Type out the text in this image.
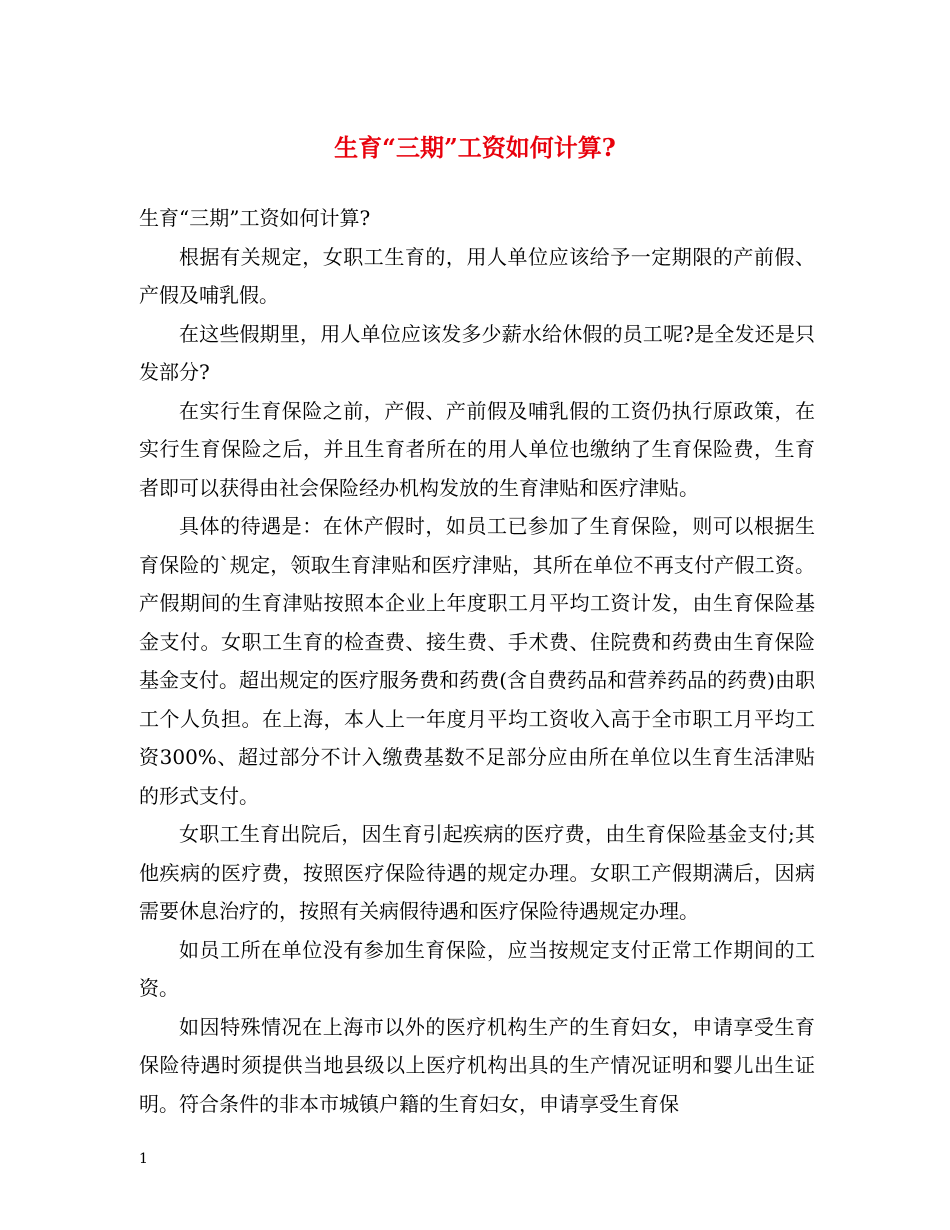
生育“三期”工资如何计算?

生育“三期”工资如何计算?

根据有关规定，女职工生育的，用人单位应该给予一定期限的产前假、产假及哺乳假。

在这些假期里，用人单位应该发多少薪水给休假的员工呢?是全发还是只发部分?

在实行生育保险之前，产假、产前假及哺乳假的工资仍执行原政策，在实行生育保险之后，并且生育者所在的用人单位也缴纳了生育保险费，生育者即可以获得由社会保险经办机构发放的生育津贴和医疗津贴。

具体的待遇是：在休产假时，如员工已参加了生育保险，则可以根据生育保险的`规定，领取生育津贴和医疗津贴，其所在单位不再支付产假工资。产假期间的生育津贴按照本企业上年度职工月平均工资计发，由生育保险基金支付。女职工生育的检查费、接生费、手术费、住院费和药费由生育保险基金支付。超出规定的医疗服务费和药费(含自费药品和营养药品的药费)由职工个人负担。在上海，本人上一年度月平均工资收入高于全市职工月平均工资300%、超过部分不计入缴费基数不足部分应由所在单位以生育生活津贴的形式支付。

女职工生育出院后，因生育引起疾病的医疗费，由生育保险基金支付;其他疾病的医疗费，按照医疗保险待遇的规定办理。女职工产假期满后，因病需要休息治疗的，按照有关病假待遇和医疗保险待遇规定办理。

如员工所在单位没有参加生育保险，应当按规定支付正常工作期间的工资。

如因特殊情况在上海市以外的医疗机构生产的生育妇女，申请享受生育保险待遇时须提供当地县级以上医疗机构出具的生产情况证明和婴儿出生证明。符合条件的非本市城镇户籍的生育妇女，申请享受生育保

1
